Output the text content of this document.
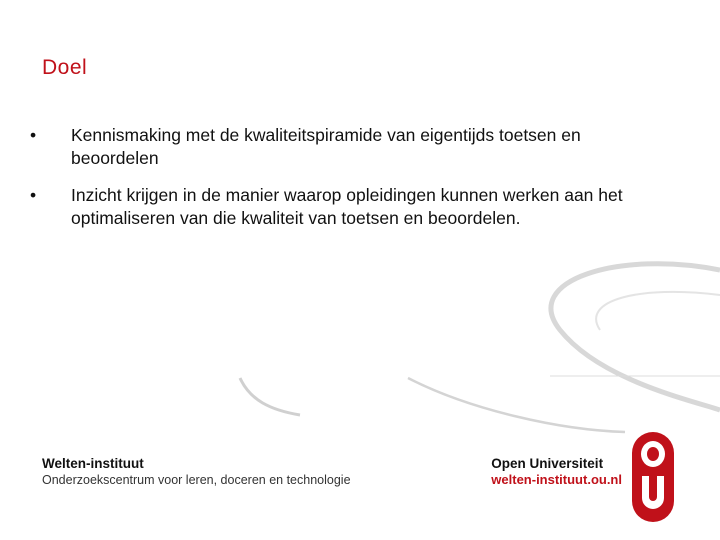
Doel
• Kennismaking met de kwaliteitspiramide van eigentijds toetsen en beoordelen
• Inzicht krijgen in de manier waarop opleidingen kunnen werken aan het optimaliseren van die kwaliteit van toetsen en beoordelen.
Welten-instituut
Onderzoekscentrum voor leren, doceren en technologie
Open Universiteit
welten-instituut.ou.nl
